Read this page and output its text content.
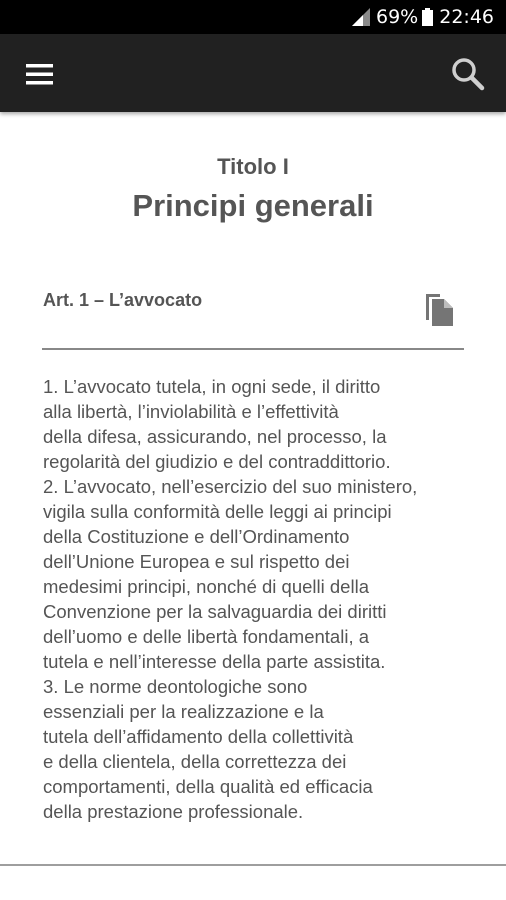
69% 22:46
Titolo I
Principi generali
Art. 1 – L’avvocato
1. L’avvocato tutela, in ogni sede, il diritto
alla libertà, l’inviolabilità e l’effettività
della difesa, assicurando, nel processo, la
regolarità del giudizio e del contraddittorio.
2. L’avvocato, nell’esercizio del suo ministero,
vigila sulla conformità delle leggi ai principi
della Costituzione e dell’Ordinamento
dell’Unione Europea e sul rispetto dei
medesimi principi, nonché di quelli della
Convenzione per la salvaguardia dei diritti
dell’uomo e delle libertà fondamentali, a
tutela e nell’interesse della parte assistita.
3. Le norme deontologiche sono
essenziali per la realizzazione e la
tutela dell’affidamento della collettività
e della clientela, della correttezza dei
comportamenti, della qualità ed efficacia
della prestazione professionale.
